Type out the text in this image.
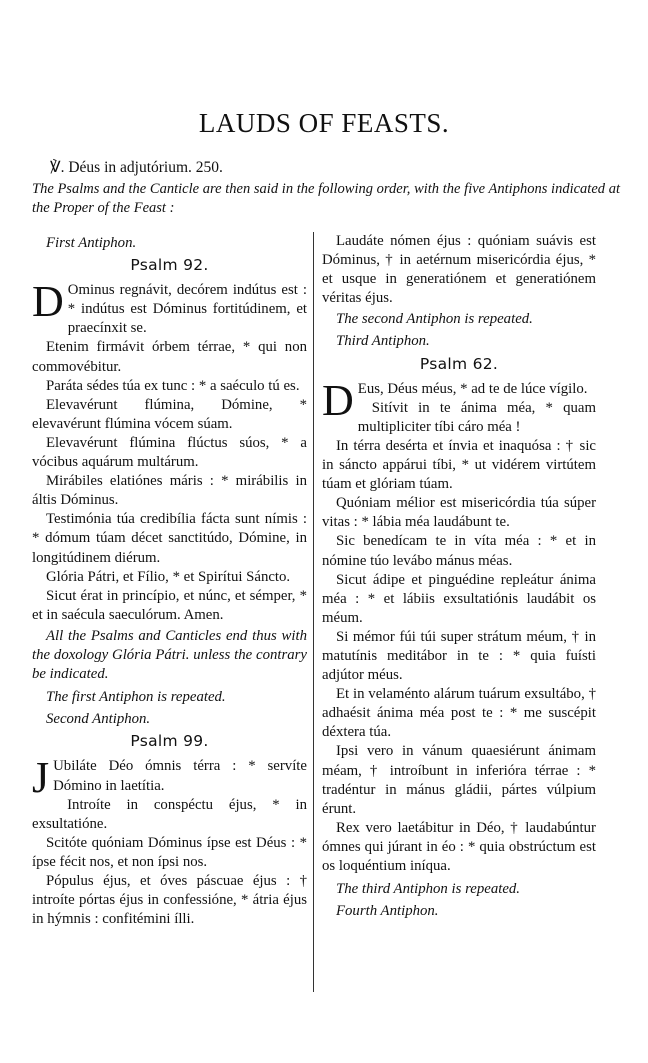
LAUDS OF FEASTS.
℣. Déus in adjutórium. 250.
The Psalms and the Canticle are then said in the following order, with the five Antiphons indicated at the Proper of the Feast :
First Antiphon.
Psalm 92.

D Ominus regnávit, decórem indútus est : * indútus est Dóminus fortitúdinem, et praecínxit se.

Etenim firmávit órbem térrae, * qui non commovébitur.

Paráta sédes túa ex tunc : * a saéculo tú es.

Elevavérunt flúmina, Dómine, * elevavérunt flúmina vócem súam.

Elevavérunt flúmina flúctus súos, * a vócibus aquárum multárum.

Mirábiles elatiónes máris : * mirábilis in áltis Dóminus.

Testimónia túa credibília fácta sunt nímis : * dómum túam décet sanctitúdo, Dómine, in longitúdinem diérum.

Glória Pátri, et Fílio, * et Spirítui Sáncto.

Sicut érat in princípio, et núnc, et sémper, * et in saécula saeculórum. Amen.

All the Psalms and Canticles end thus with the doxology Glória Pátri. unless the contrary be indicated.

The first Antiphon is repeated.
Second Antiphon.
Psalm 99.

J Ubiláte Déo ómnis térra : * servíte Dómino in laetítia.

Introíte in conspéctu éjus, * in exsultatióne.

Scitóte quóniam Dóminus ípse est Déus : * ípse fécit nos, et non ípsi nos.

Pópulus éjus, et óves páscuae éjus : † introíte pórtas éjus in confessióne, * átria éjus in hýmnis : confitémini ílli.

Laudáte nómen éjus : quóniam suávis est Dóminus, † in aetérnum misericórdia éjus, * et usque in generatiónem et generatiónem véritas éjus.

The second Antiphon is repeated.
Third Antiphon.
Psalm 62.

D Eus, Déus méus, * ad te de lúce vígilo.

Sitívit in te ánima méa, * quam multipliciter tíbi cáro méa !

In térra desérta et ínvia et inaquósa : † sic in sáncto appárui tíbi, * ut vidérem virtútem túam et glóriam túam.

Quóniam mélior est misericórdia túa súper vitas : * lábia méa laudábunt te.

Sic benedícam te in víta méa : * et in nómine túo levábo mánus méas.

Sicut ádipe et pinguédine repleátur ánima méa : * et lábiis exsultatiónis laudábit os méum.

Si mémor fúi túi super strátum méum, † in matutínis meditábor in te : * quia fuísti adjútor méus.

Et in velaménto alárum tuárum exsultábo, † adhaésit ánima méa post te : * me suscépit déxtera túa.

Ipsi vero in vánum quaesiérunt ánimam méam, † introíbunt in inferióra térrae : * tradéntur in mánus gládii, pártes vúlpium érunt.

Rex vero laetábitur in Déo, † laudabúntur ómnes qui júrant in éo : * quia obstrúctum est os loquéntium iníqua.

The third Antiphon is repeated.
Fourth Antiphon.
